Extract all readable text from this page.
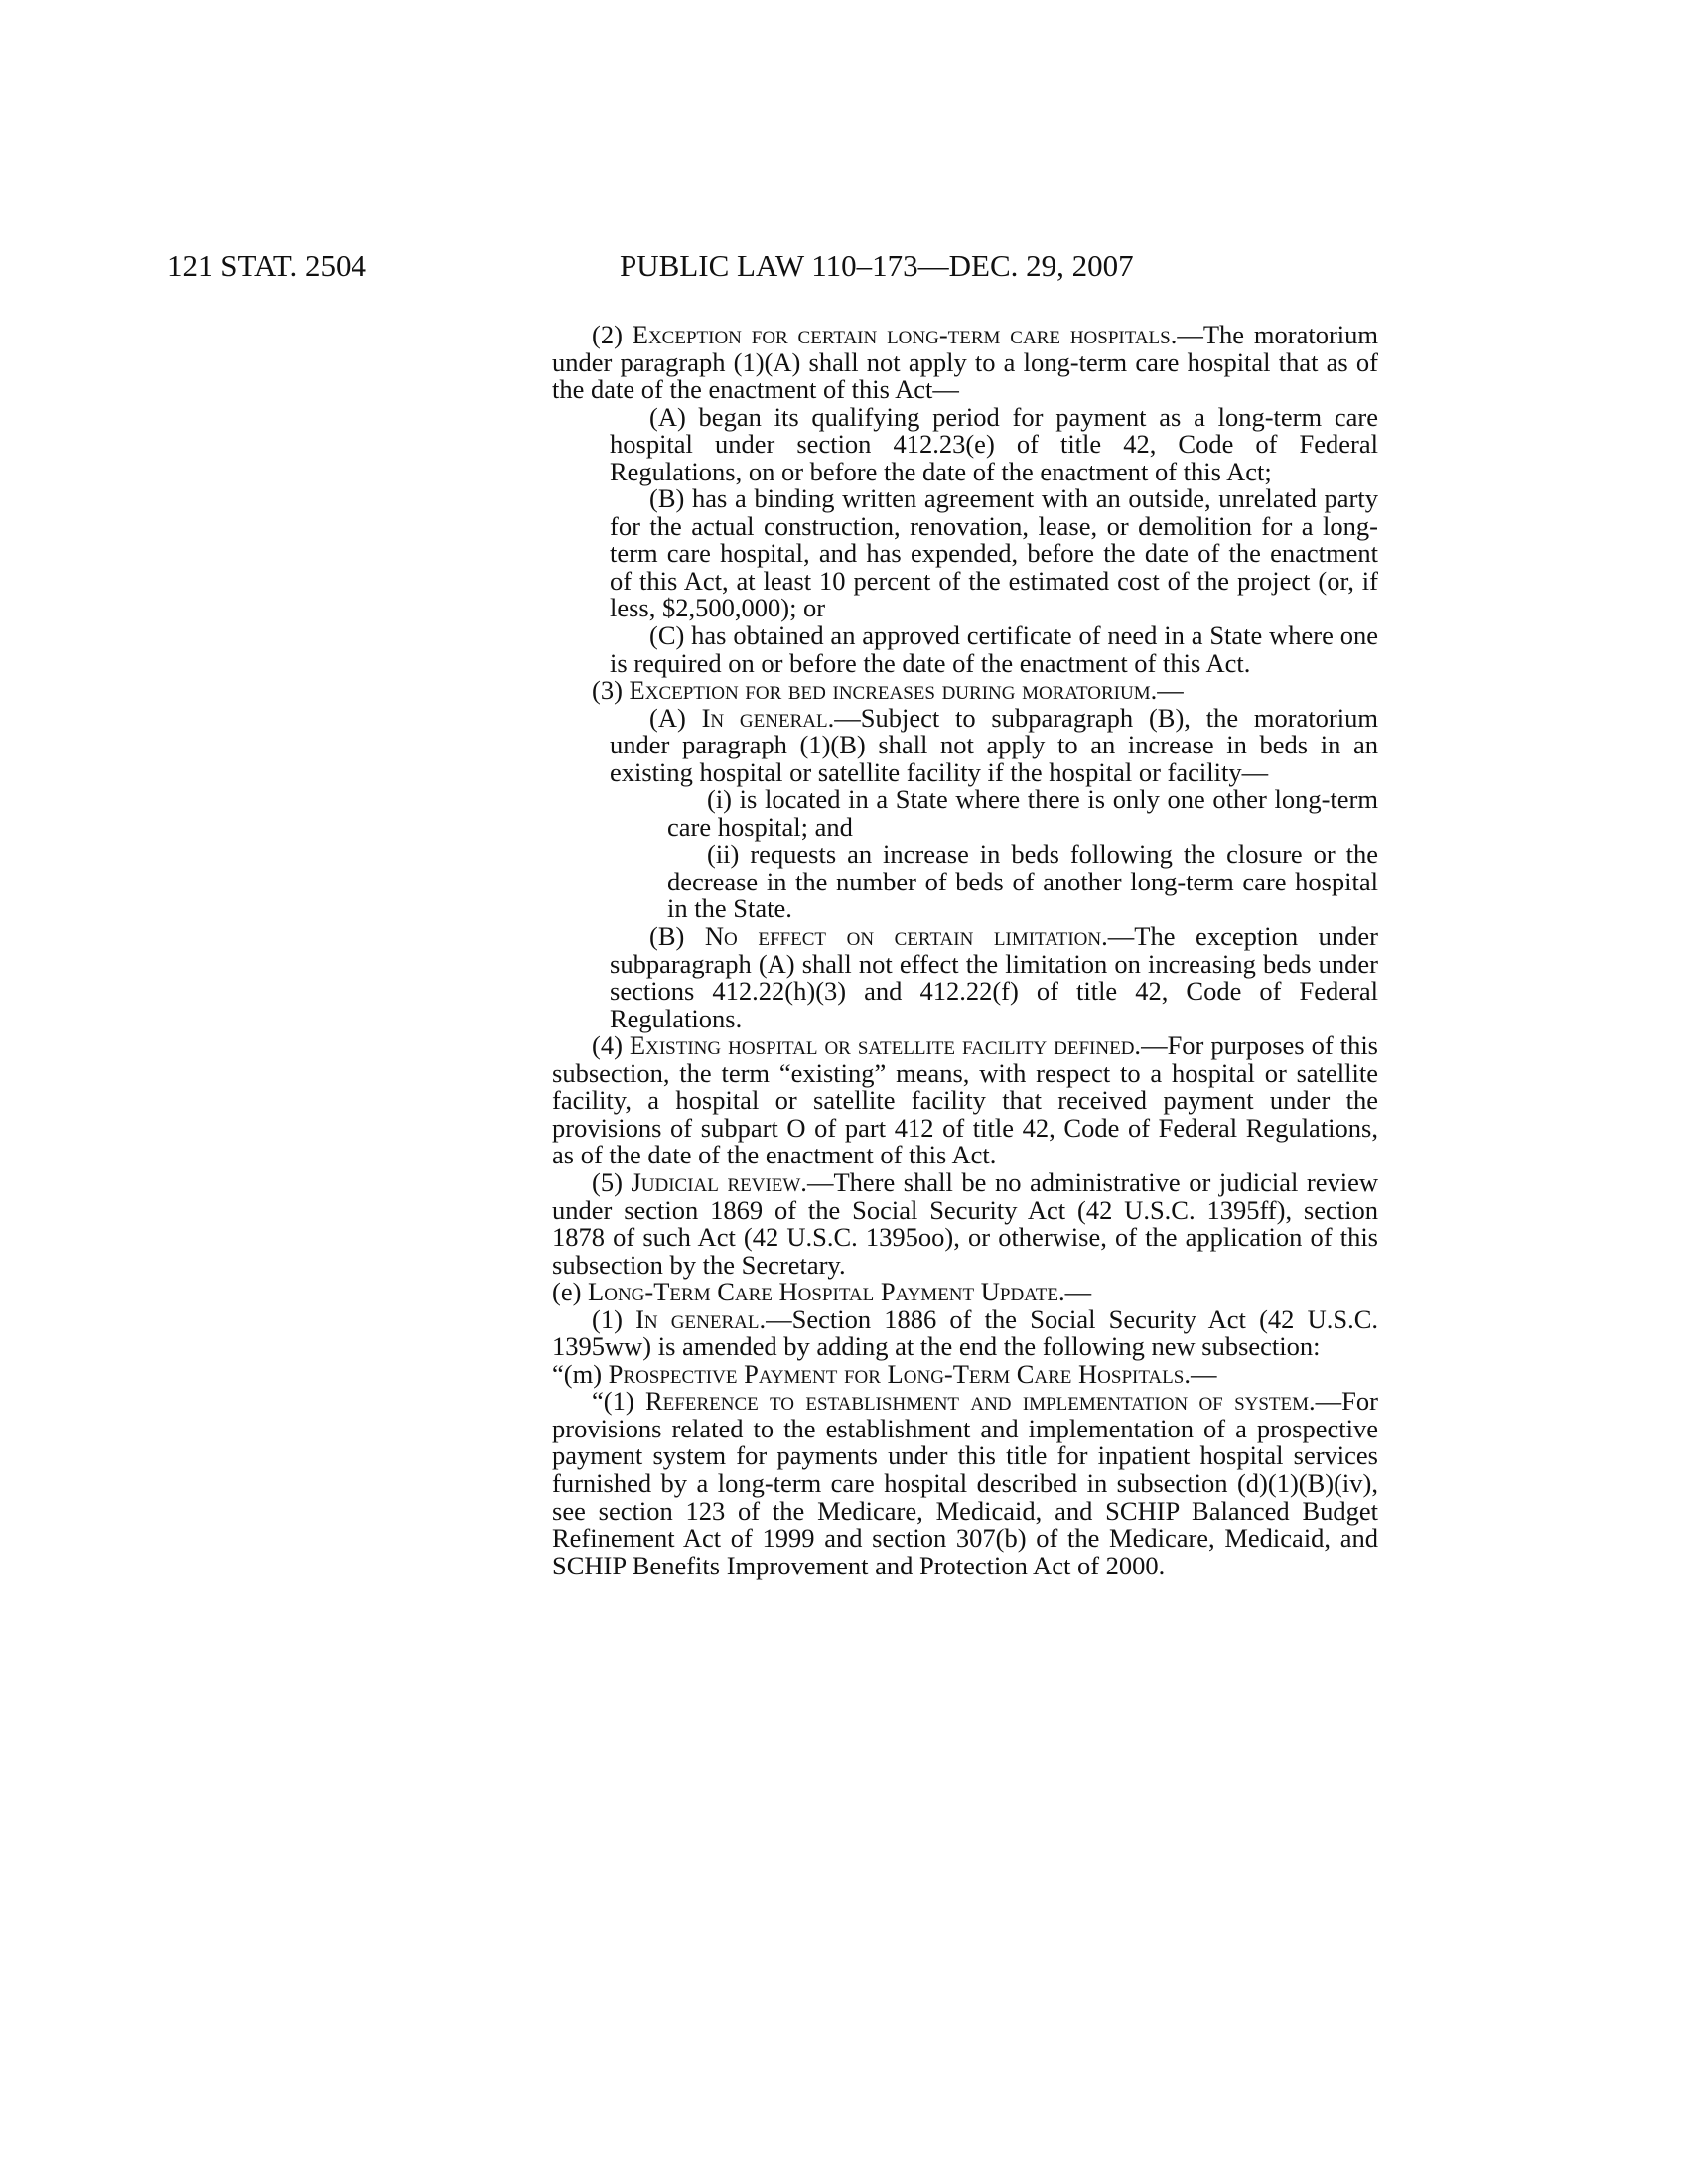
121 STAT. 2504	PUBLIC LAW 110–173—DEC. 29, 2007

(2) Exception for certain long-term care hospitals.—The moratorium under paragraph (1)(A) shall not apply to a long-term care hospital that as of the date of the enactment of this Act—

(A) began its qualifying period for payment as a long-term care hospital under section 412.23(e) of title 42, Code of Federal Regulations, on or before the date of the enactment of this Act;

(B) has a binding written agreement with an outside, unrelated party for the actual construction, renovation, lease, or demolition for a long-term care hospital, and has expended, before the date of the enactment of this Act, at least 10 percent of the estimated cost of the project (or, if less, $2,500,000); or

(C) has obtained an approved certificate of need in a State where one is required on or before the date of the enactment of this Act.

(3) Exception for bed increases during moratorium.—

(A) In general.—Subject to subparagraph (B), the moratorium under paragraph (1)(B) shall not apply to an increase in beds in an existing hospital or satellite facility if the hospital or facility—

(i) is located in a State where there is only one other long-term care hospital; and

(ii) requests an increase in beds following the closure or the decrease in the number of beds of another long-term care hospital in the State.

(B) No effect on certain limitation.—The exception under subparagraph (A) shall not effect the limitation on increasing beds under sections 412.22(h)(3) and 412.22(f) of title 42, Code of Federal Regulations.

(4) Existing hospital or satellite facility defined.—For purposes of this subsection, the term “existing” means, with respect to a hospital or satellite facility, a hospital or satellite facility that received payment under the provisions of subpart O of part 412 of title 42, Code of Federal Regulations, as of the date of the enactment of this Act.

(5) Judicial review.—There shall be no administrative or judicial review under section 1869 of the Social Security Act (42 U.S.C. 1395ff), section 1878 of such Act (42 U.S.C. 1395oo), or otherwise, of the application of this subsection by the Secretary.

(e) Long-Term Care Hospital Payment Update.—

(1) In general.—Section 1886 of the Social Security Act (42 U.S.C. 1395ww) is amended by adding at the end the following new subsection:

“(m) Prospective Payment for Long-Term Care Hospitals.—

“(1) Reference to establishment and implementation of system.—For provisions related to the establishment and implementation of a prospective payment system for payments under this title for inpatient hospital services furnished by a long-term care hospital described in subsection (d)(1)(B)(iv), see section 123 of the Medicare, Medicaid, and SCHIP Balanced Budget Refinement Act of 1999 and section 307(b) of the Medicare, Medicaid, and SCHIP Benefits Improvement and Protection Act of 2000.
